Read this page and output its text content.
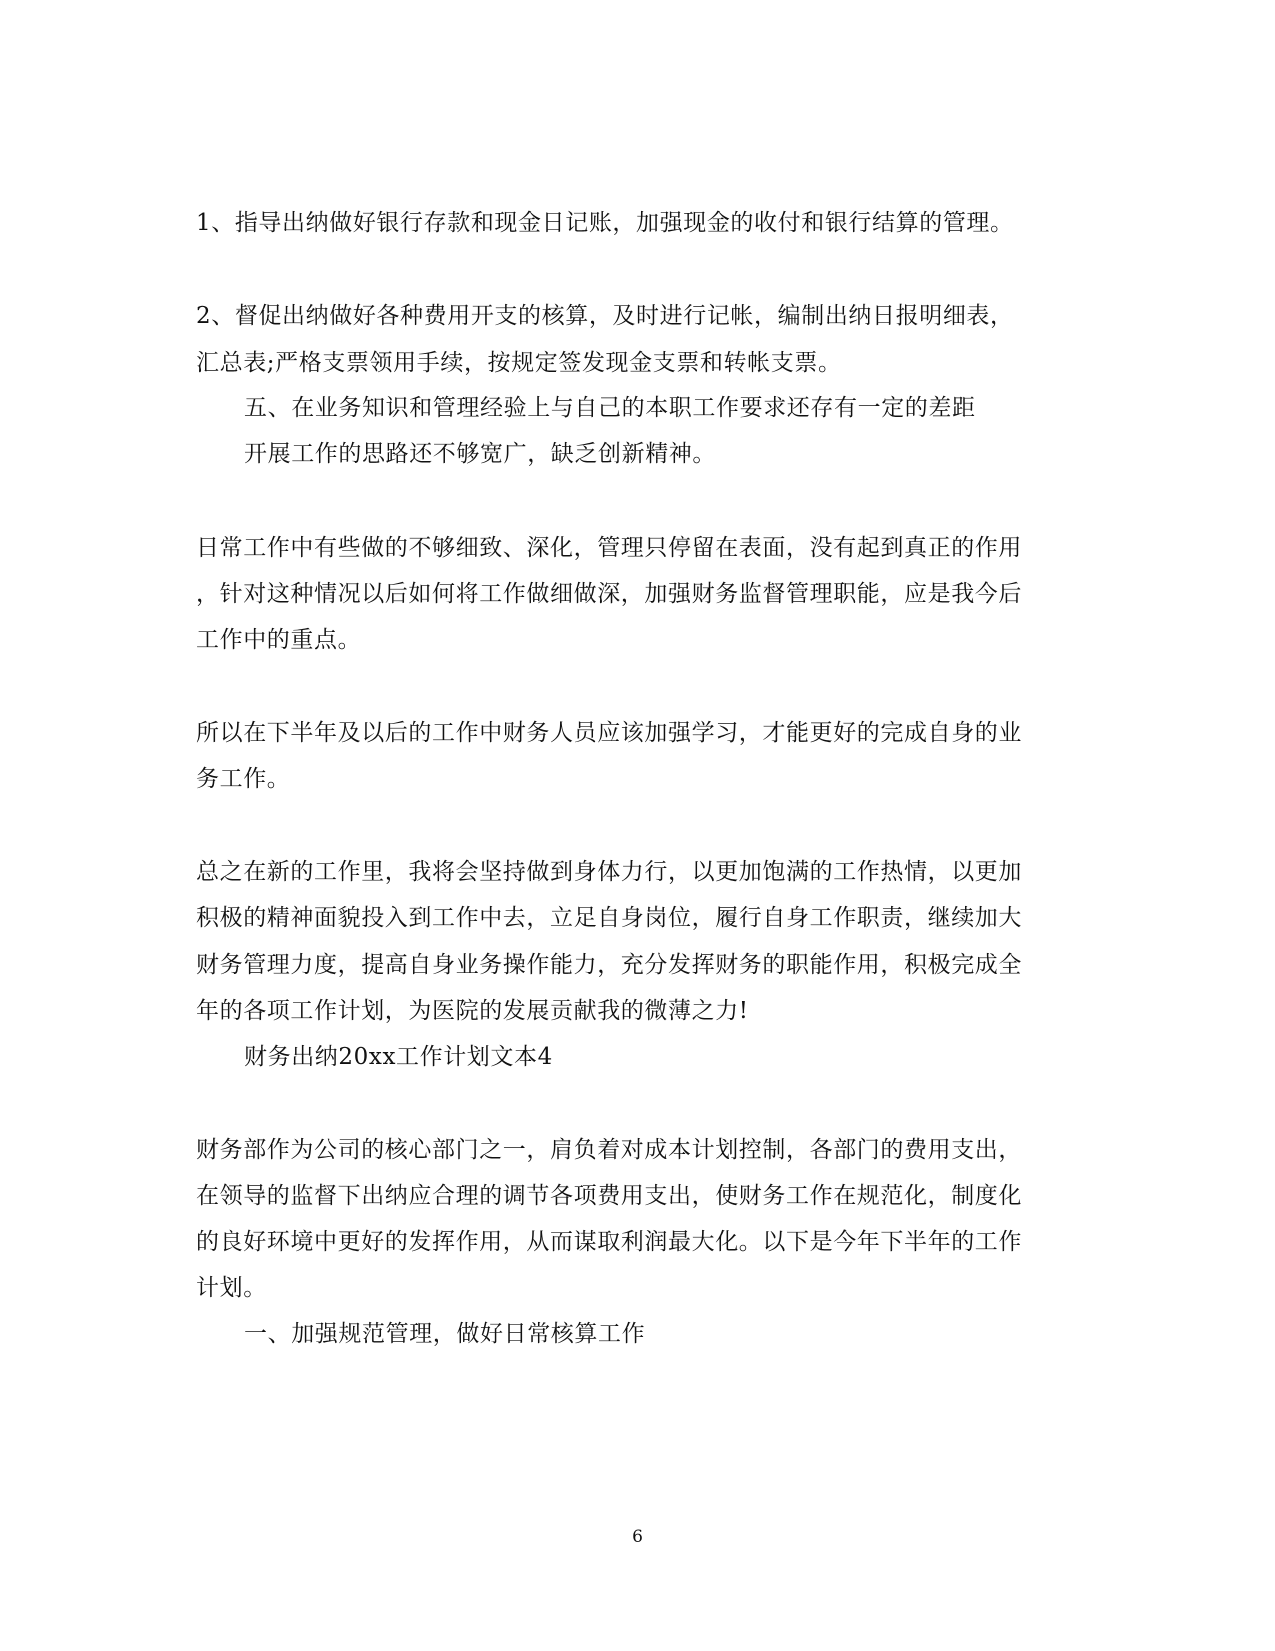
1、指导出纳做好银行存款和现金日记账，加强现金的收付和银行结算的管理。
2、督促出纳做好各种费用开支的核算，及时进行记帐，编制出纳日报明细表，
汇总表;严格支票领用手续，按规定签发现金支票和转帐支票。
五、在业务知识和管理经验上与自己的本职工作要求还存有一定的差距
开展工作的思路还不够宽广，缺乏创新精神。
日常工作中有些做的不够细致、深化，管理只停留在表面，没有起到真正的作用
，针对这种情况以后如何将工作做细做深，加强财务监督管理职能，应是我今后
工作中的重点。
所以在下半年及以后的工作中财务人员应该加强学习，才能更好的完成自身的业
务工作。
总之在新的工作里，我将会坚持做到身体力行，以更加饱满的工作热情，以更加
积极的精神面貌投入到工作中去，立足自身岗位，履行自身工作职责，继续加大
财务管理力度，提高自身业务操作能力，充分发挥财务的职能作用，积极完成全
年的各项工作计划，为医院的发展贡献我的微薄之力!
财务出纳20xx工作计划文本4
财务部作为公司的核心部门之一，肩负着对成本计划控制，各部门的费用支出，
在领导的监督下出纳应合理的调节各项费用支出，使财务工作在规范化，制度化
的良好环境中更好的发挥作用，从而谋取利润最大化。以下是今年下半年的工作
计划。
一、加强规范管理，做好日常核算工作
6
